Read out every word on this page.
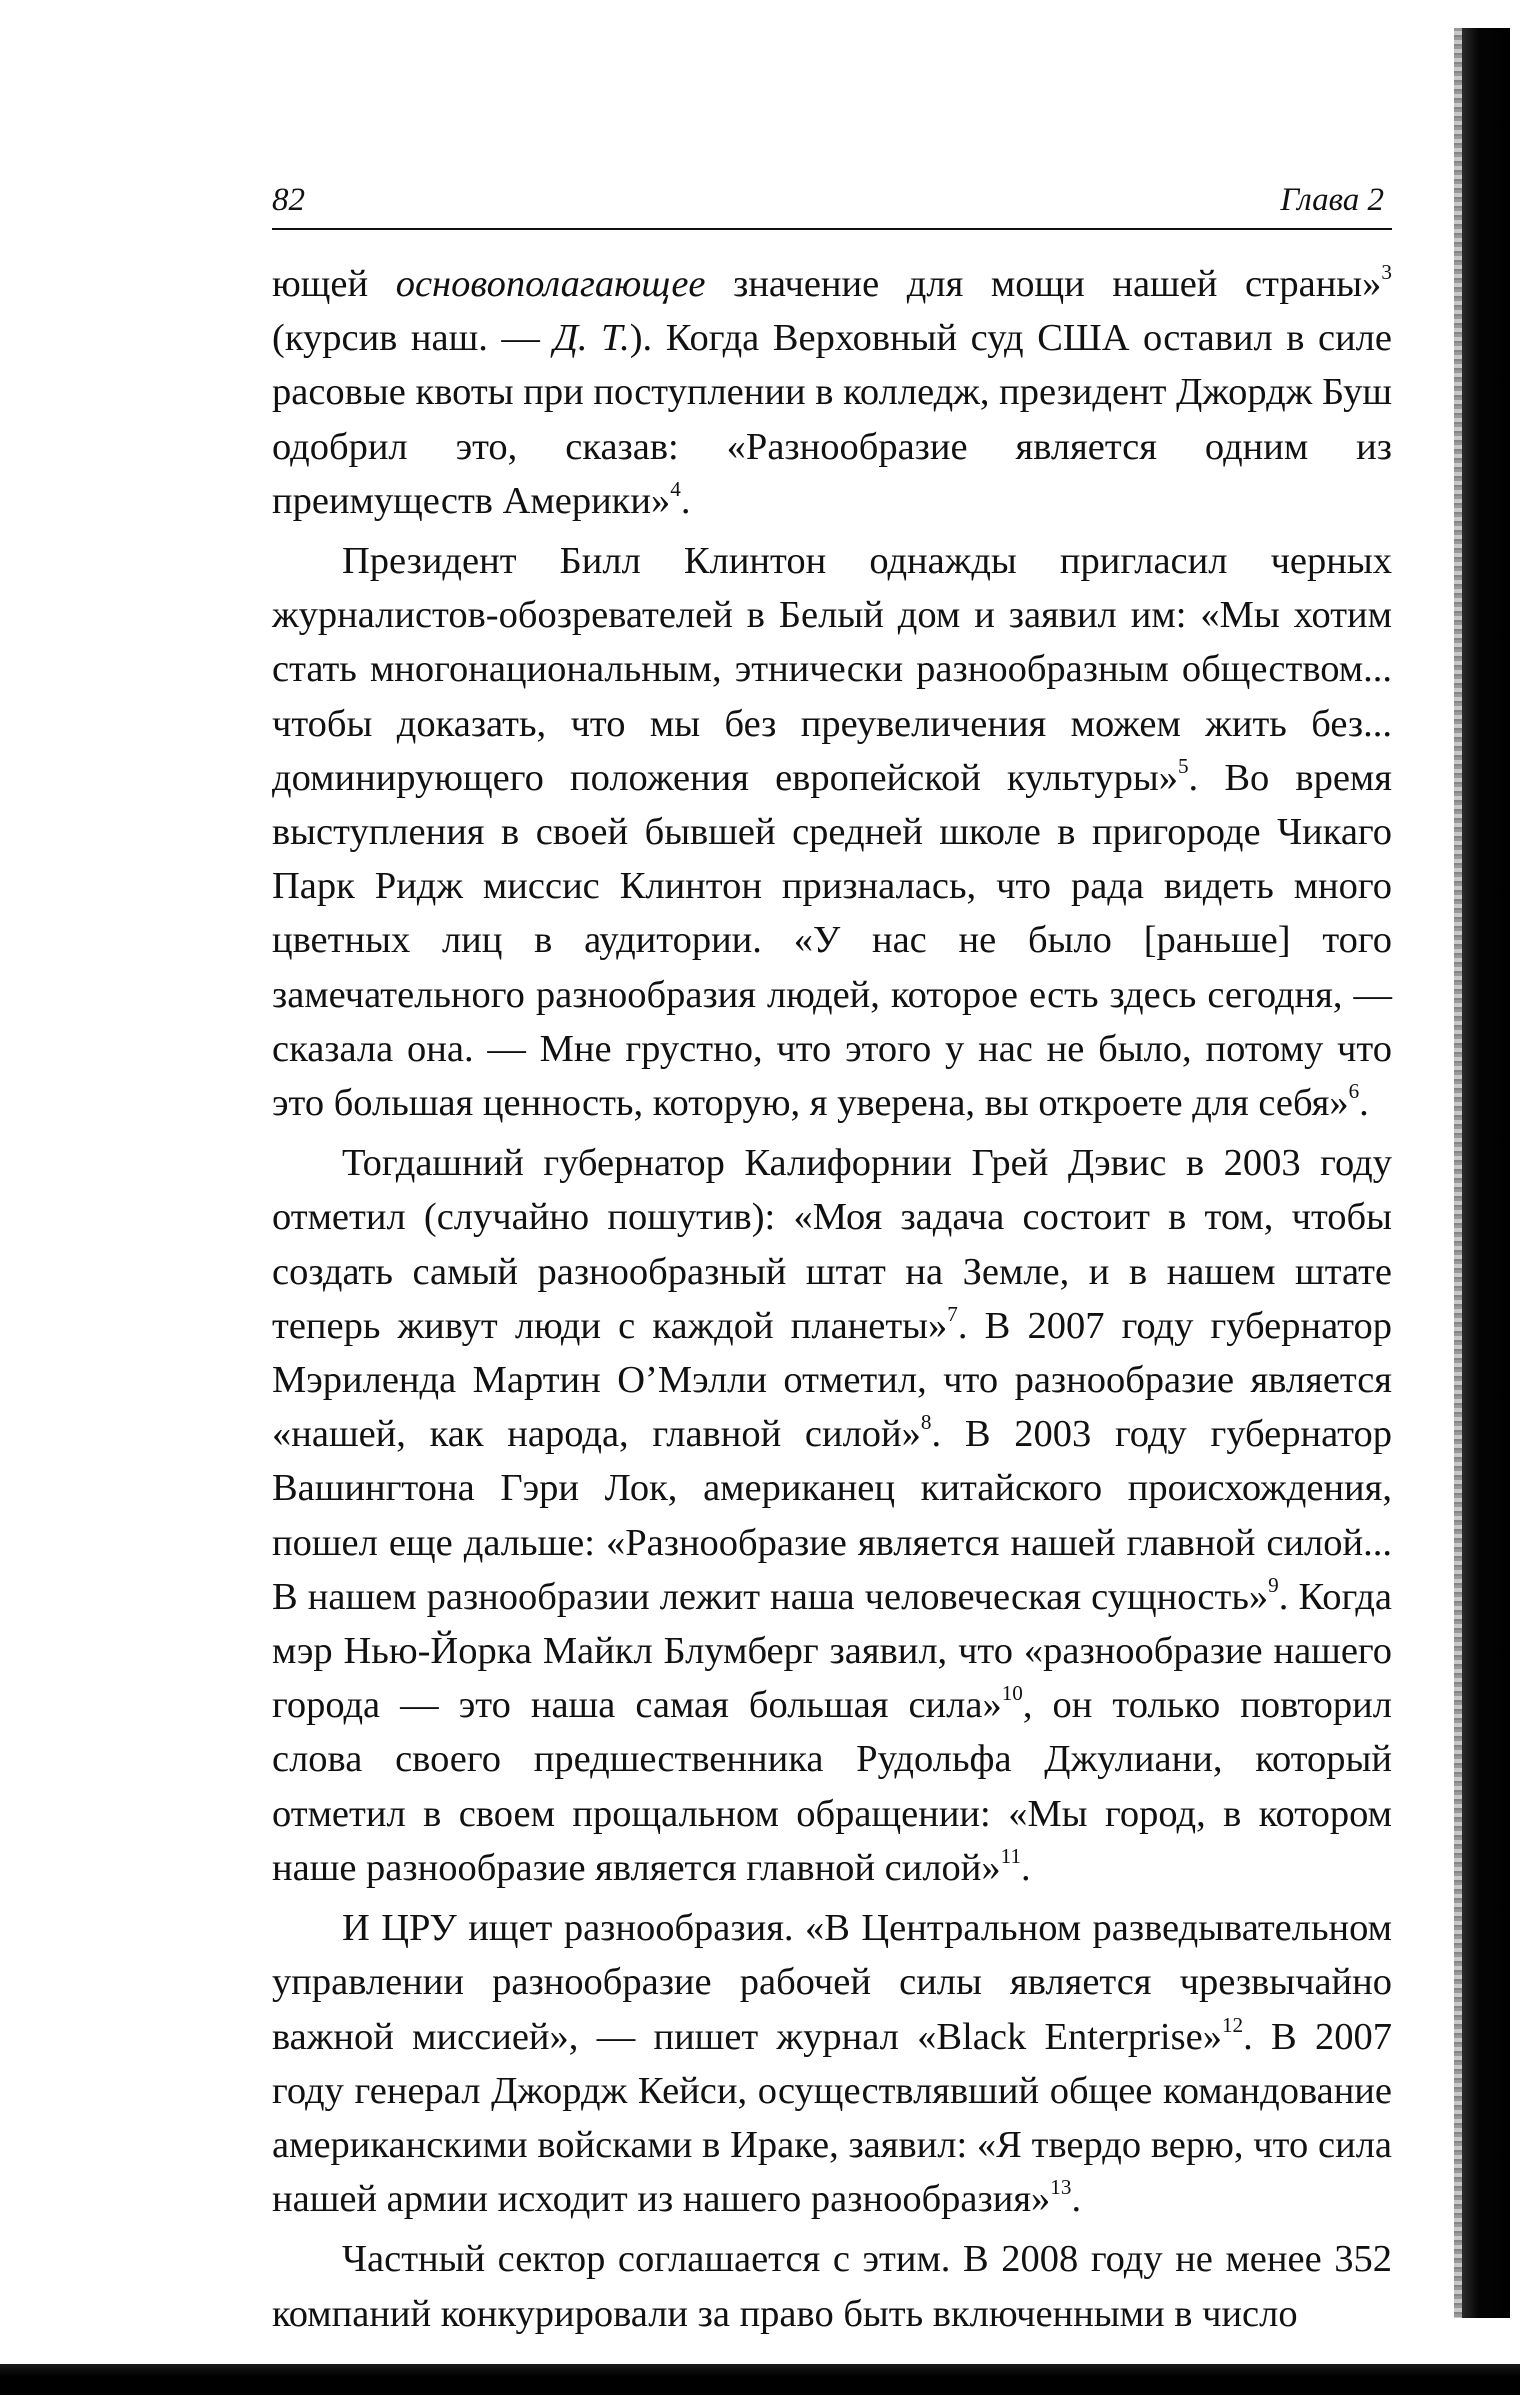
82	Глава 2

ющей основополагающее значение для мощи нашей страны»$^3$ (курсив наш. — Д. Т.). Когда Верховный суд США оставил в силе расовые квоты при поступлении в колледж, президент Джордж Буш одобрил это, сказав: «Разнообразие является одним из преимуществ Америки»$^4$.

Президент Билл Клинтон однажды пригласил черных журналистов-обозревателей в Белый дом и заявил им: «Мы хотим стать многонациональным, этнически разнообразным обществом... чтобы доказать, что мы без преувеличения можем жить без... доминирующего положения европейской культуры»$^5$. Во время выступления в своей бывшей средней школе в пригороде Чикаго Парк Ридж миссис Клинтон призналась, что рада видеть много цветных лиц в аудитории. «У нас не было [раньше] того замечательного разнообразия людей, которое есть здесь сегодня, — сказала она. — Мне грустно, что этого у нас не было, потому что это большая ценность, которую, я уверена, вы откроете для себя»$^6$.

Тогдашний губернатор Калифорнии Грей Дэвис в 2003 году отметил (случайно пошутив): «Моя задача состоит в том, чтобы создать самый разнообразный штат на Земле, и в нашем штате теперь живут люди с каждой планеты»$^7$. В 2007 году губернатор Мэриленда Мартин О’Мэлли отметил, что разнообразие является «нашей, как народа, главной силой»$^8$. В 2003 году губернатор Вашингтона Гэри Лок, американец китайского происхождения, пошел еще дальше: «Разнообразие является нашей главной силой... В нашем разнообразии лежит наша человеческая сущность»$^9$. Когда мэр Нью-Йорка Майкл Блумберг заявил, что «разнообразие нашего города — это наша самая большая сила»$^{10}$, он только повторил слова своего предшественника Рудольфа Джулиани, который отметил в своем прощальном обращении: «Мы город, в котором наше разнообразие является главной силой»$^{11}$.

И ЦРУ ищет разнообразия. «В Центральном разведывательном управлении разнообразие рабочей силы является чрезвычайно важной миссией», — пишет журнал «Black Enterprise»$^{12}$. В 2007 году генерал Джордж Кейси, осуществлявший общее командование американскими войсками в Ираке, заявил: «Я твердо верю, что сила нашей армии исходит из нашего разнообразия»$^{13}$.

Частный сектор соглашается с этим. В 2008 году не менее 352 компаний конкурировали за право быть включенными в число
